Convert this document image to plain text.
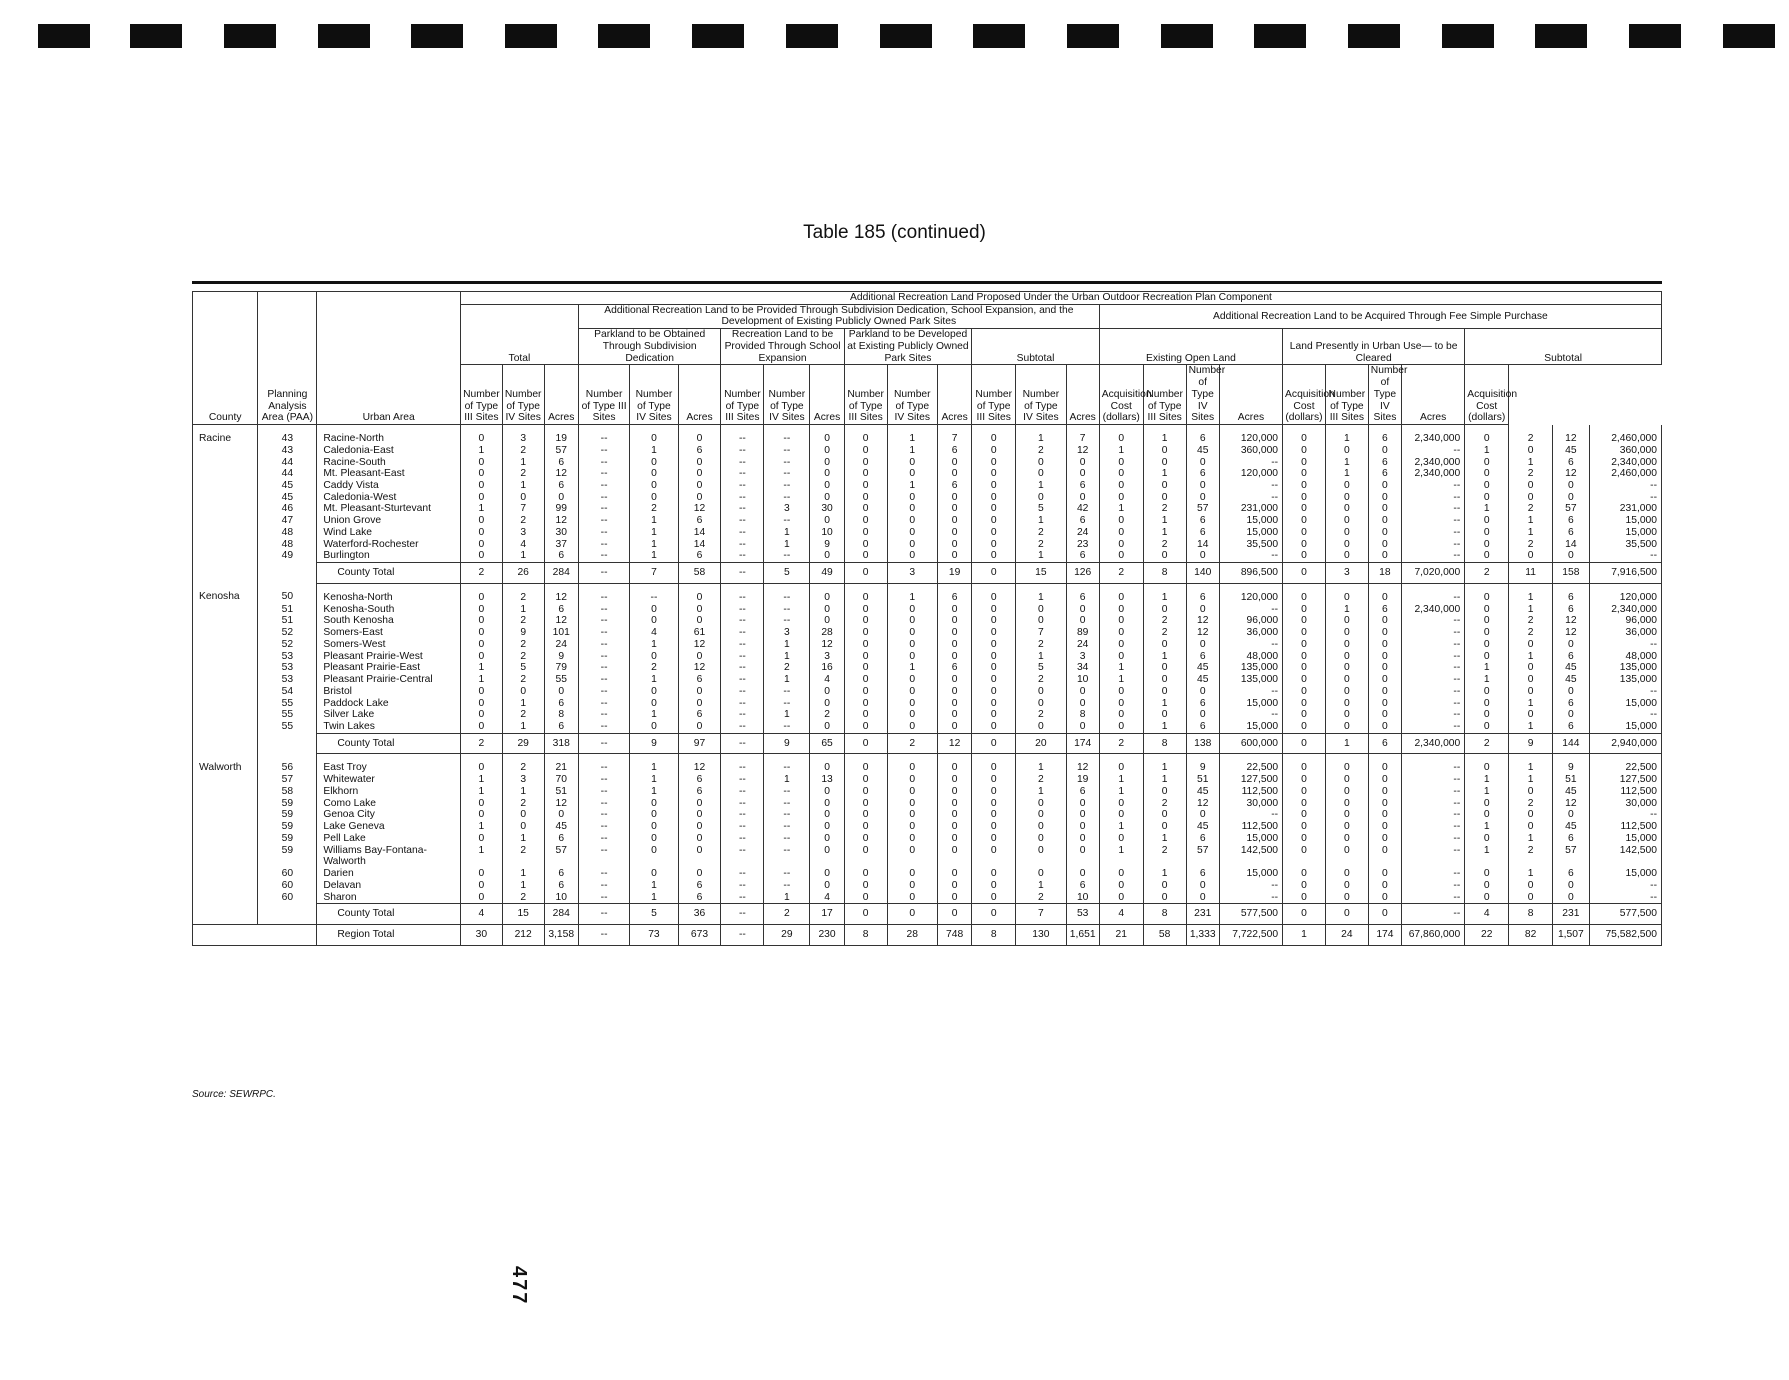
Table 185 (continued)
County	Planning Analysis Area (PAA)	Urban Area	Additional Recreation Land Proposed Under the Urban Outdoor Recreation Plan Component																										
			Total			Additional Recreation Land to be Provided Through Subdivision Dedication, School Expansion, and the Development of Existing Publicly Owned Park Sites												Additional Recreation Land to be Acquired Through Fee Simple Purchase											
						Parkland to be Obtained Through Subdivision Dedication			Recreation Land to be Provided Through School Expansion			Parkland to be Developed at Existing Publicly Owned Park Sites			Subtotal			Existing Open Land				Land Presently in Urban Use— to be Cleared				Subtotal			
			Number of Type III Sites	Number of Type IV Sites	Acres	Number of Type III Sites	Number of Type IV Sites	Acres	Number of Type III Sites	Number of Type IV Sites	Acres	Number of Type III Sites	Number of Type IV Sites	Acres	Number of Type III Sites	Number of Type IV Sites	Acres	Acquisition Cost (dollars)	Number of Type III Sites	Number of Type IV Sites	Acres	Acquisition Cost (dollars)	Number of Type III Sites	Number of Type IV Sites	Acres	Acquisition Cost (dollars)			
Racine	43	Racine-North	0	3	19	--	0	0	--	--	0	0	1	7	0	1	7	0	1	6	120,000	0	1	6	2,340,000	0	2	12	2,460,000
	43	Caledonia-East	1	2	57	--	1	6	--	--	0	0	1	6	0	2	12	1	0	45	360,000	0	0	0	--	1	0	45	360,000
	44	Racine-South	0	1	6	--	0	0	--	--	0	0	0	0	0	0	0	0	0	0	--	0	1	6	2,340,000	0	1	6	2,340,000
	44	Mt. Pleasant-East	0	2	12	--	0	0	--	--	0	0	0	0	0	0	0	0	1	6	120,000	0	1	6	2,340,000	0	2	12	2,460,000
	45	Caddy Vista	0	1	6	--	0	0	--	--	0	0	1	6	0	1	6	0	0	0	--	0	0	0	--	0	0	0	--
	45	Caledonia-West	0	0	0	--	0	0	--	--	0	0	0	0	0	0	0	0	0	0	--	0	0	0	--	0	0	0	--
	46	Mt. Pleasant-Sturtevant	1	7	99	--	2	12	--	3	30	0	0	0	0	5	42	1	2	57	231,000	0	0	0	--	1	2	57	231,000
	47	Union Grove	0	2	12	--	1	6	--	--	0	0	0	0	0	1	6	0	1	6	15,000	0	0	0	--	0	1	6	15,000
	48	Wind Lake	0	3	30	--	1	14	--	1	10	0	0	0	0	2	24	0	1	6	15,000	0	0	0	--	0	1	6	15,000
	48	Waterford-Rochester	0	4	37	--	1	14	--	1	9	0	0	0	0	2	23	0	2	14	35,500	0	0	0	--	0	2	14	35,500
	49	Burlington	0	1	6	--	1	6	--	--	0	0	0	0	0	1	6	0	0	0	--	0	0	0	--	0	0	0	--
		County Total	2	26	284	--	7	58	--	5	49	0	3	19	0	15	126	2	8	140	896,500	0	3	18	7,020,000	2	11	158	7,916,500
Kenosha	50	Kenosha-North	0	2	12	--	--	0	--	--	0	0	1	6	0	1	6	0	1	6	120,000	0	0	0	--	0	1	6	120,000
	51	Kenosha-South	0	1	6	--	0	0	--	--	0	0	0	0	0	0	0	0	0	0	--	0	1	6	2,340,000	0	1	6	2,340,000
	51	South Kenosha	0	2	12	--	0	0	--	--	0	0	0	0	0	0	0	0	2	12	96,000	0	0	0	--	0	2	12	96,000
	52	Somers-East	0	9	101	--	4	61	--	3	28	0	0	0	0	7	89	0	2	12	36,000	0	0	0	--	0	2	12	36,000
	52	Somers-West	0	2	24	--	1	12	--	1	12	0	0	0	0	2	24	0	0	0	--	0	0	0	--	0	0	0	--
	53	Pleasant Prairie-West	0	2	9	--	0	0	--	1	3	0	0	0	0	1	3	0	1	6	48,000	0	0	0	--	0	1	6	48,000
	53	Pleasant Prairie-East	1	5	79	--	2	12	--	2	16	0	1	6	0	5	34	1	0	45	135,000	0	0	0	--	1	0	45	135,000
	53	Pleasant Prairie-Central	1	2	55	--	1	6	--	1	4	0	0	0	0	2	10	1	0	45	135,000	0	0	0	--	1	0	45	135,000
	54	Bristol	0	0	0	--	0	0	--	--	0	0	0	0	0	0	0	0	0	0	--	0	0	0	--	0	0	0	--
	55	Paddock Lake	0	1	6	--	0	0	--	--	0	0	0	0	0	0	0	0	1	6	15,000	0	0	0	--	0	1	6	15,000
	55	Silver Lake	0	2	8	--	1	6	--	1	2	0	0	0	0	2	8	0	0	0	--	0	0	0	--	0	0	0	--
	55	Twin Lakes	0	1	6	--	0	0	--	--	0	0	0	0	0	0	0	0	1	6	15,000	0	0	0	--	0	1	6	15,000
		County Total	2	29	318	--	9	97	--	9	65	0	2	12	0	20	174	2	8	138	600,000	0	1	6	2,340,000	2	9	144	2,940,000
Walworth	56	East Troy	0	2	21	--	1	12	--	--	0	0	0	0	0	1	12	0	1	9	22,500	0	0	0	--	0	1	9	22,500
	57	Whitewater	1	3	70	--	1	6	--	1	13	0	0	0	0	2	19	1	1	51	127,500	0	0	0	--	1	1	51	127,500
	58	Elkhorn	1	1	51	--	1	6	--	--	0	0	0	0	0	1	6	1	0	45	112,500	0	0	0	--	1	0	45	112,500
	59	Como Lake	0	2	12	--	0	0	--	--	0	0	0	0	0	0	0	0	2	12	30,000	0	0	0	--	0	2	12	30,000
	59	Genoa City	0	0	0	--	0	0	--	--	0	0	0	0	0	0	0	0	0	0	--	0	0	0	--	0	0	0	--
	59	Lake Geneva	1	0	45	--	0	0	--	--	0	0	0	0	0	0	0	1	0	45	112,500	0	0	0	--	1	0	45	112,500
	59	Pell Lake	0	1	6	--	0	0	--	--	0	0	0	0	0	0	0	0	1	6	15,000	0	0	0	--	0	1	6	15,000
	59	Williams Bay-Fontana-Walworth	1	2	57	--	0	0	--	--	0	0	0	0	0	0	0	1	2	57	142,500	0	0	0	--	1	2	57	142,500
	60	Darien	0	1	6	--	0	0	--	--	0	0	0	0	0	0	0	0	1	6	15,000	0	0	0	--	0	1	6	15,000
	60	Delavan	0	1	6	--	1	6	--	--	0	0	0	0	0	1	6	0	0	0	--	0	0	0	--	0	0	0	--
	60	Sharon	0	2	10	--	1	6	--	1	4	0	0	0	0	2	10	0	0	0	--	0	0	0	--	0	0	0	--
		County Total	4	15	284	--	5	36	--	2	17	0	0	0	0	7	53	4	8	231	577,500	0	0	0	--	4	8	231	577,500
		Region Total	30	212	3,158	--	73	673	--	29	230	8	28	748	8	130	1,651	21	58	1,333	7,722,500	1	24	174	67,860,000	22	82	1,507	75,582,500
Source: SEWRPC.
477
